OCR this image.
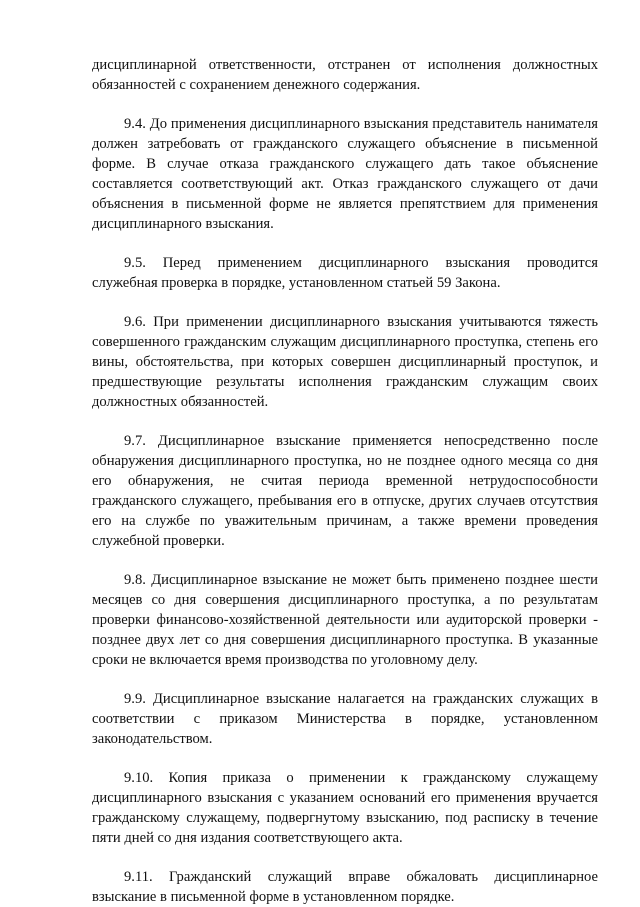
дисциплинарной ответственности, отстранен от исполнения должностных обязанностей с сохранением денежного содержания.

9.4. До применения дисциплинарного взыскания представитель нанимателя должен затребовать от гражданского служащего объяснение в письменной форме. В случае отказа гражданского служащего дать такое объяснение составляется соответствующий акт. Отказ гражданского служащего от дачи объяснения в письменной форме не является препятствием для применения дисциплинарного взыскания.

9.5. Перед применением дисциплинарного взыскания проводится служебная проверка в порядке, установленном статьей 59 Закона.

9.6. При применении дисциплинарного взыскания учитываются тяжесть совершенного гражданским служащим дисциплинарного проступка, степень его вины, обстоятельства, при которых совершен дисциплинарный проступок, и предшествующие результаты исполнения гражданским служащим своих должностных обязанностей.

9.7. Дисциплинарное взыскание применяется непосредственно после обнаружения дисциплинарного проступка, но не позднее одного месяца со дня его обнаружения, не считая периода временной нетрудоспособности гражданского служащего, пребывания его в отпуске, других случаев отсутствия его на службе по уважительным причинам, а также времени проведения служебной проверки.

9.8. Дисциплинарное взыскание не может быть применено позднее шести месяцев со дня совершения дисциплинарного проступка, а по результатам проверки финансово-хозяйственной деятельности или аудиторской проверки - позднее двух лет со дня совершения дисциплинарного проступка. В указанные сроки не включается время производства по уголовному делу.

9.9. Дисциплинарное взыскание налагается на гражданских служащих в соответствии с приказом Министерства в порядке, установленном законодательством.

9.10. Копия приказа о применении к гражданскому служащему дисциплинарного взыскания с указанием оснований его применения вручается гражданскому служащему, подвергнутому взысканию, под расписку в течение пяти дней со дня издания соответствующего акта.

9.11. Гражданский служащий вправе обжаловать дисциплинарное взыскание в письменной форме в установленном порядке.
